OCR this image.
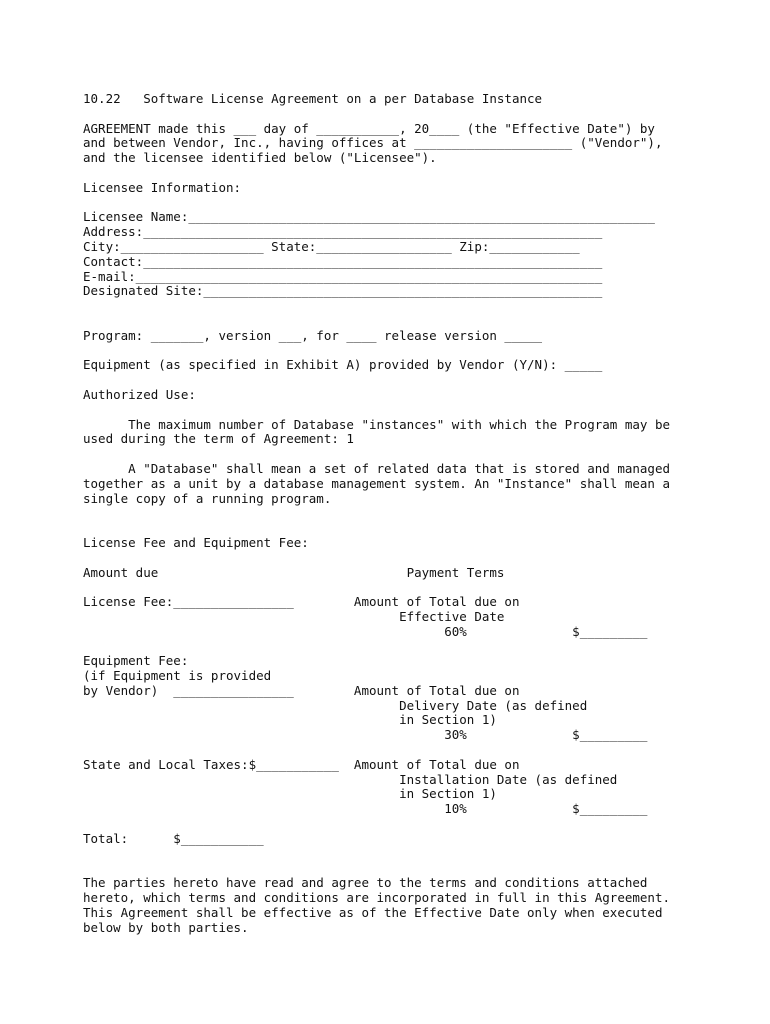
10.22   Software License Agreement on a per Database Instance
AGREEMENT made this ___ day of ___________, 20____ (the "Effective Date") by
and between Vendor, Inc., having offices at _____________________ ("Vendor"),
and the licensee identified below ("Licensee").
Licensee Information:
Licensee Name:______________________________________________________________
Address:_____________________________________________________________
City:___________________ State:__________________ Zip:____________
Contact:_____________________________________________________________
E-mail:______________________________________________________________
Designated Site:_____________________________________________________
Program: _______, version ___, for ____ release version _____
Equipment (as specified in Exhibit A) provided by Vendor (Y/N): _____
Authorized Use:
The maximum number of Database "instances" with which the Program may be
used during the term of Agreement: 1
A "Database" shall mean a set of related data that is stored and managed
together as a unit by a database management system. An "Instance" shall mean a
single copy of a running program.
License Fee and Equipment Fee:
Amount due                                 Payment Terms
License Fee:________________        Amount of Total due on
Effective Date
60%              $_________
Equipment Fee:
(if Equipment is provided
by Vendor)  ________________        Amount of Total due on
Delivery Date (as defined
in Section 1)
30%              $_________
State and Local Taxes:$___________  Amount of Total due on
Installation Date (as defined
in Section 1)
10%              $_________
Total:      $___________
The parties hereto have read and agree to the terms and conditions attached
hereto, which terms and conditions are incorporated in full in this Agreement.
This Agreement shall be effective as of the Effective Date only when executed
below by both parties.
